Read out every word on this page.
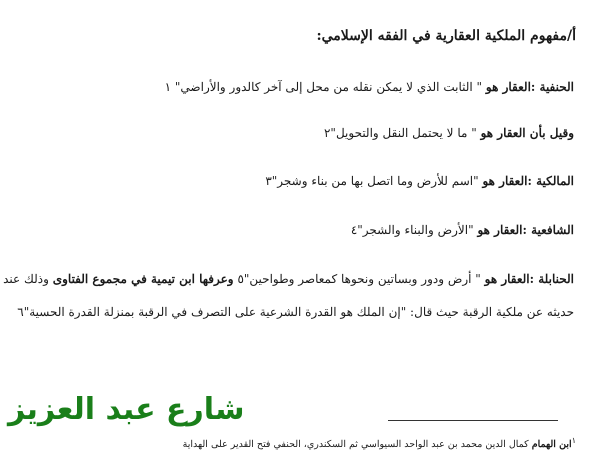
أ/مفهوم الملكية العقارية في الفقه الإسلامي:
الحنفية :العقار هو " الثابت الذي لا يمكن نقله من محل إلى آخر كالدور والأراضي" ١
وقيل بأن العقار هو " ما لا يحتمل النقل والتحويل"٢
المالكية :العقار هو "اسم للأرض وما اتصل بها من بناء وشجر"٣
الشافعية :العقار هو "الأرض والبناء والشجر"٤
الحنابلة :العقار هو " أرض ودور وبساتين ونحوها كمعاصر وطواحين"٥ وعرفها ابن تيمية في مجموع الفتاوى وذلك عند
حديثه عن ملكية الرقبة حيث قال: "إن الملك هو القدرة الشرعية على التصرف في الرقبة بمنزلة القدرة الحسية"٦
شارع عبد العزيز
$^١$ابن الهمام كمال الدين محمد بن عبد الواحد السيواسي ثم السكندري، الحنفي فتح القدير على الهداية
